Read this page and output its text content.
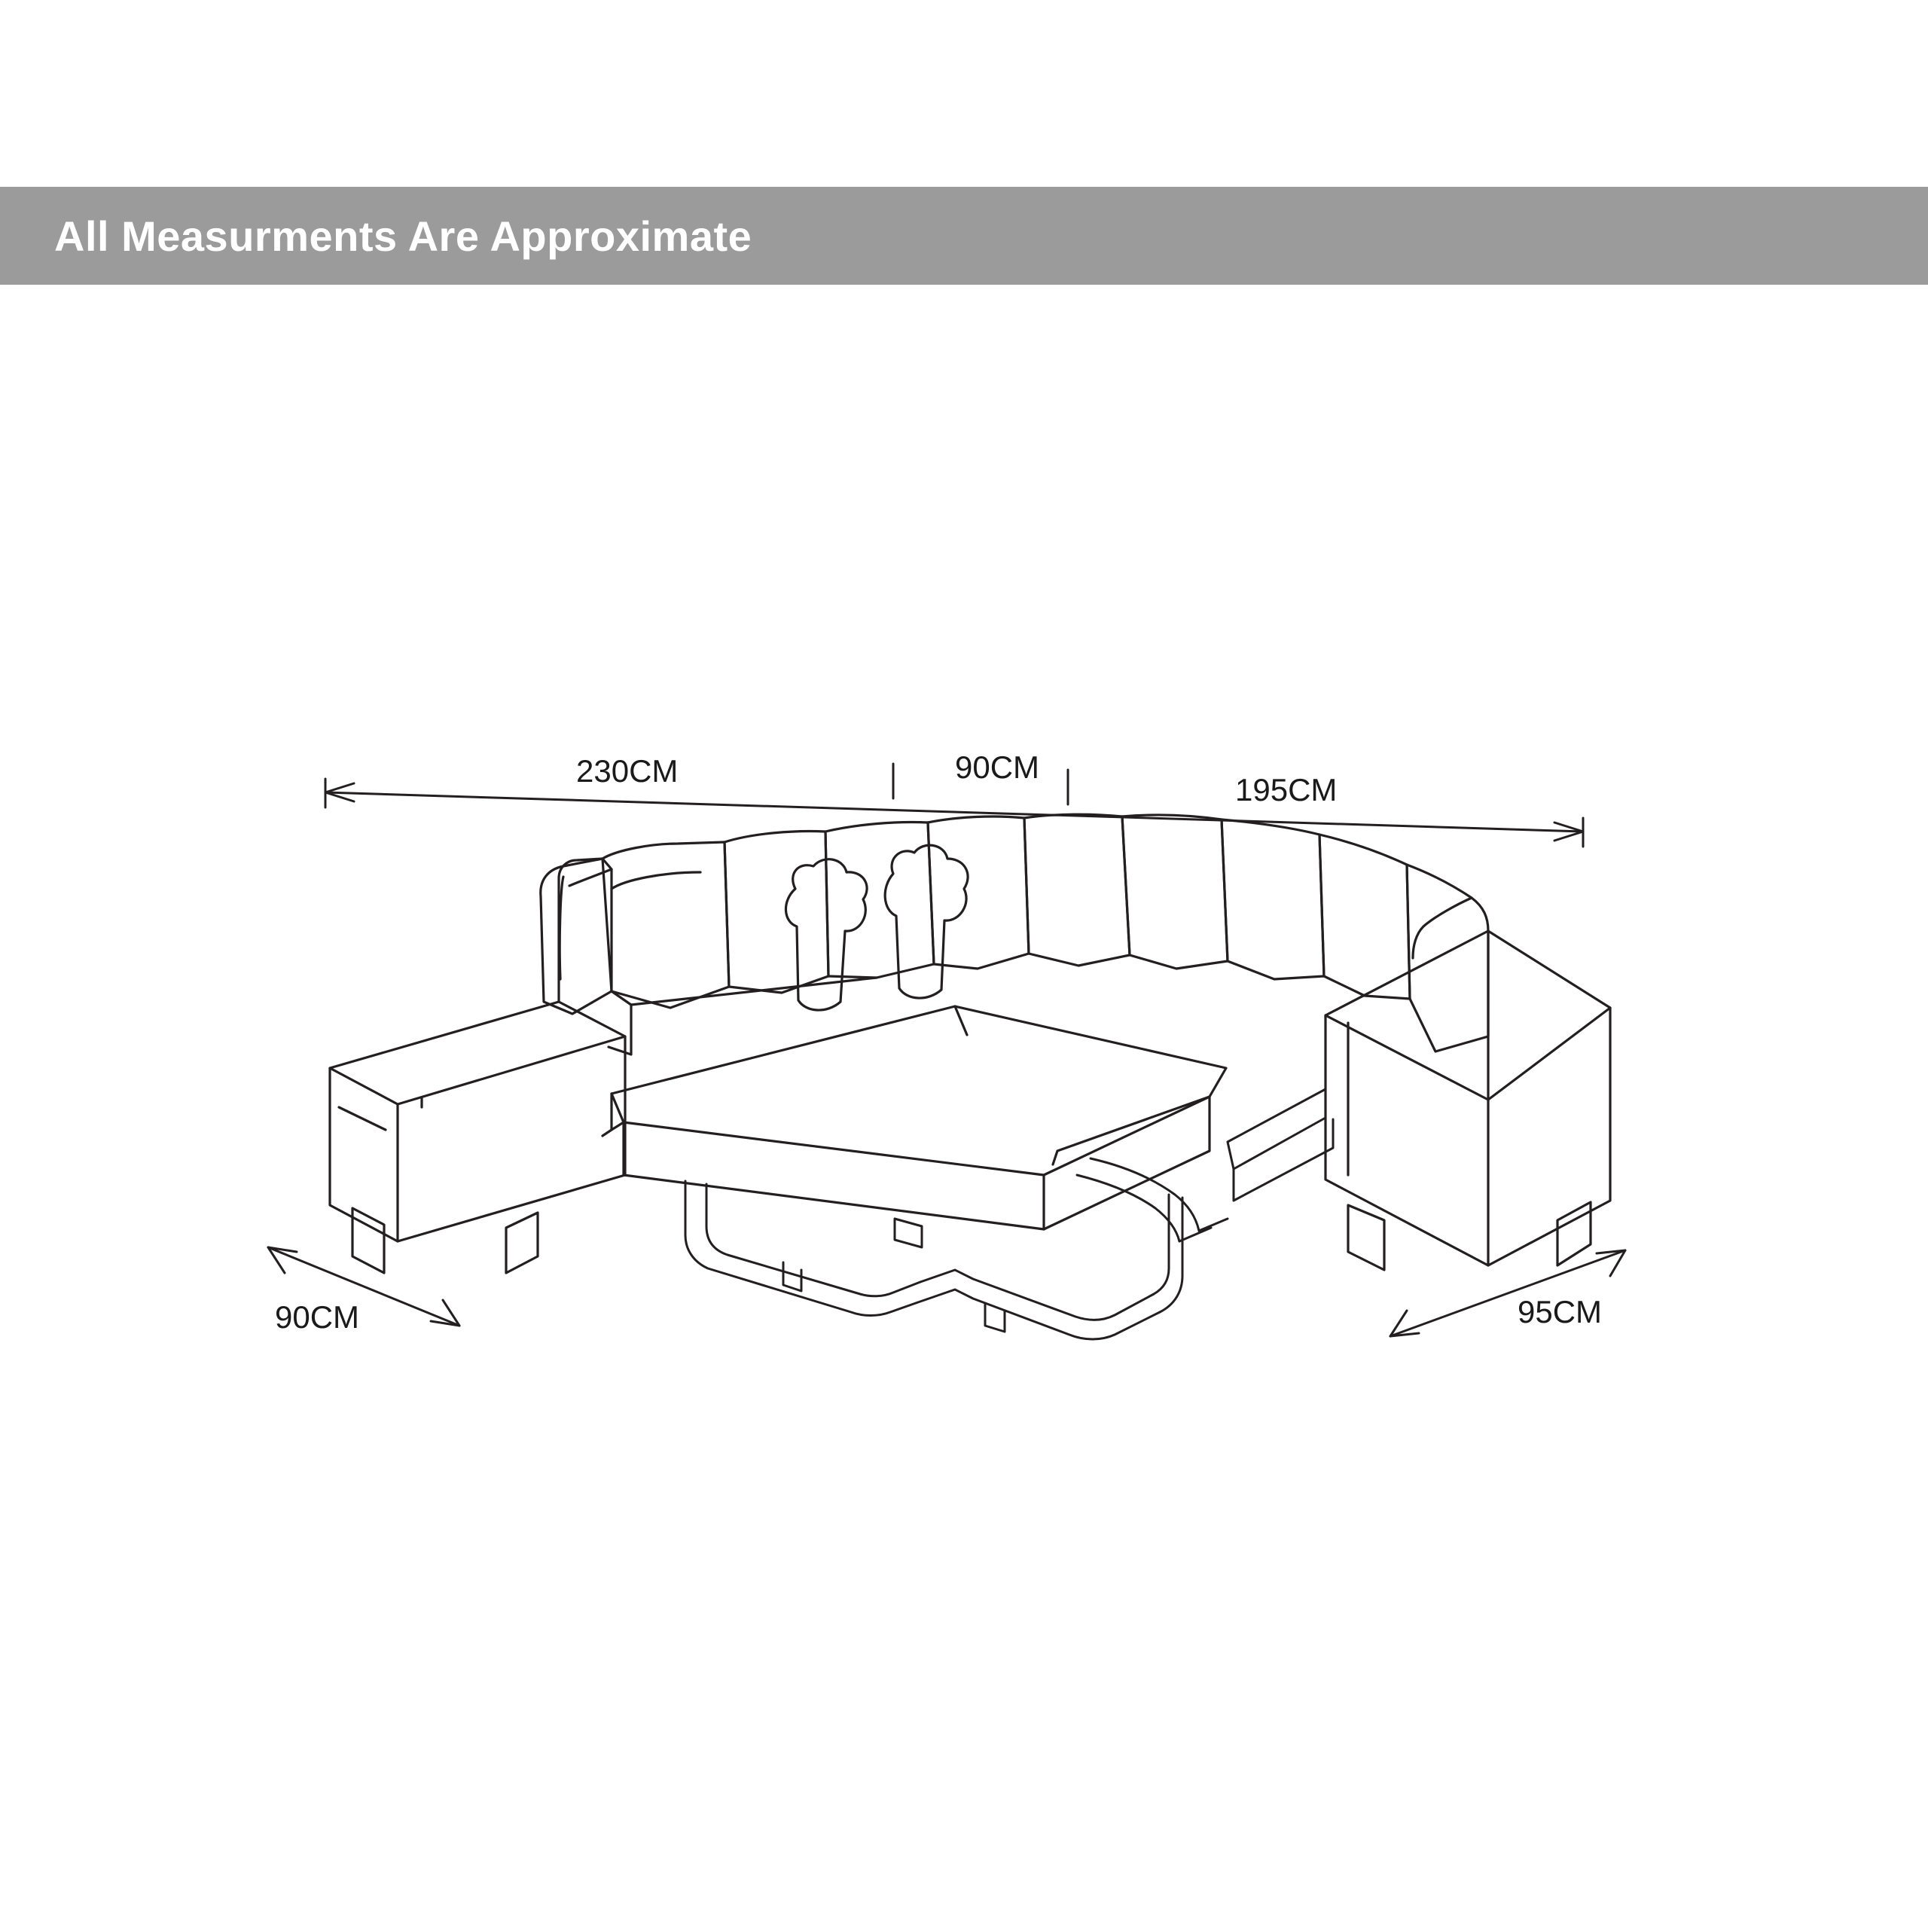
All Measurments Are Approximate
230CM	90CM
195CM
90CM	95CM
